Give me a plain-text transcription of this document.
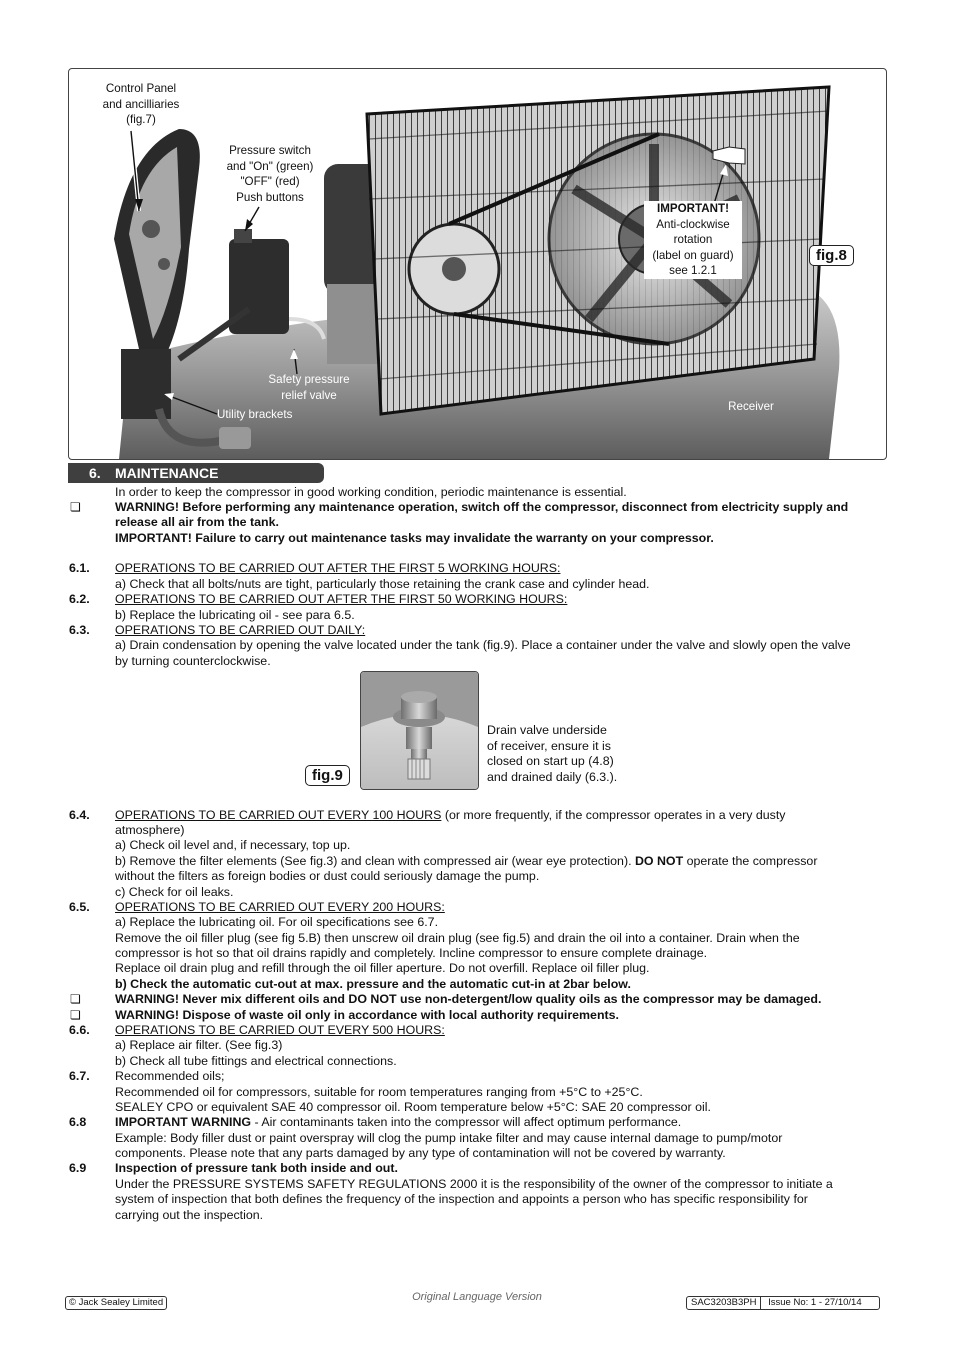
Control Panel
and ancilliaries
(fig.7)
Pressure switch
and "On" (green)
"OFF" (red)
Push buttons
IMPORTANT!
Anti-clockwise
rotation
(label on guard)
see 1.2.1
Safety pressure
relief valve
Utility brackets
Receiver
fig.8
6. MAINTENANCE
In order to keep the compressor in good working condition, periodic maintenance is essential.
❏	WARNING! Before performing any maintenance operation, switch off the compressor, disconnect from electricity supply and
release all air from the tank.
IMPORTANT! Failure to carry out maintenance tasks may invalidate the warranty on your compressor.
6.1. OPERATIONS TO BE CARRIED OUT AFTER THE FIRST 5 WORKING HOURS:
a) Check that all bolts/nuts are tight, particularly those retaining the crank case and cylinder head.
6.2. OPERATIONS TO BE CARRIED OUT AFTER THE FIRST 50 WORKING HOURS:
b) Replace the lubricating oil - see para 6.5.
6.3. OPERATIONS TO BE CARRIED OUT DAILY:
a) Drain condensation by opening the valve located under the tank (fig.9). Place a container under the valve and slowly open the valve
by turning counterclockwise.
fig.9
Drain valve underside
of receiver, ensure it is
closed on start up (4.8)
and drained daily (6.3.).
6.4. OPERATIONS TO BE CARRIED OUT EVERY 100 HOURS (or more frequently, if the compressor operates in a very dusty
atmosphere)
a) Check oil level and, if necessary, top up.
b) Remove the filter elements (See fig.3) and clean with compressed air (wear eye protection). DO NOT operate the compressor
without the filters as foreign bodies or dust could seriously damage the pump.
c) Check for oil leaks.
6.5. OPERATIONS TO BE CARRIED OUT EVERY 200 HOURS:
a) Replace the lubricating oil. For oil specifications see 6.7.
Remove the oil filler plug (see fig 5.B) then unscrew oil drain plug (see fig.5) and drain the oil into a container. Drain when the
compressor is hot so that oil drains rapidly and completely. Incline compressor to ensure complete drainage.
Replace oil drain plug and refill through the oil filler aperture. Do not overfill. Replace oil filler plug.
b) Check the automatic cut-out at max. pressure and the automatic cut-in at 2bar below.
❏	WARNING! Never mix different oils and DO NOT use non-detergent/low quality oils as the compressor may be damaged.
❏	WARNING! Dispose of waste oil only in accordance with local authority requirements.
6.6. OPERATIONS TO BE CARRIED OUT EVERY 500 HOURS:
a) Replace air filter. (See fig.3)
b) Check all tube fittings and electrical connections.
6.7. Recommended oils;
Recommended oil for compressors, suitable for room temperatures ranging from +5°C to +25°C.
SEALEY CPO or equivalent SAE 40 compressor oil. Room temperature below +5°C: SAE 20 compressor oil.
6.8 IMPORTANT WARNING - Air contaminants taken into the compressor will affect optimum performance.
Example: Body filler dust or paint overspray will clog the pump intake filter and may cause internal damage to pump/motor
components. Please note that any parts damaged by any type of contamination will not be covered by warranty.
6.9 Inspection of pressure tank both inside and out.
Under the PRESSURE SYSTEMS SAFETY REGULATIONS 2000 it is the responsibility of the owner of the compressor to initiate a
system of inspection that both defines the frequency of the inspection and appoints a person who has specific responsibility for
carrying out the inspection.
© Jack Sealey Limited	Original Language Version	SAC3203B3PH Issue No: 1 - 27/10/14
